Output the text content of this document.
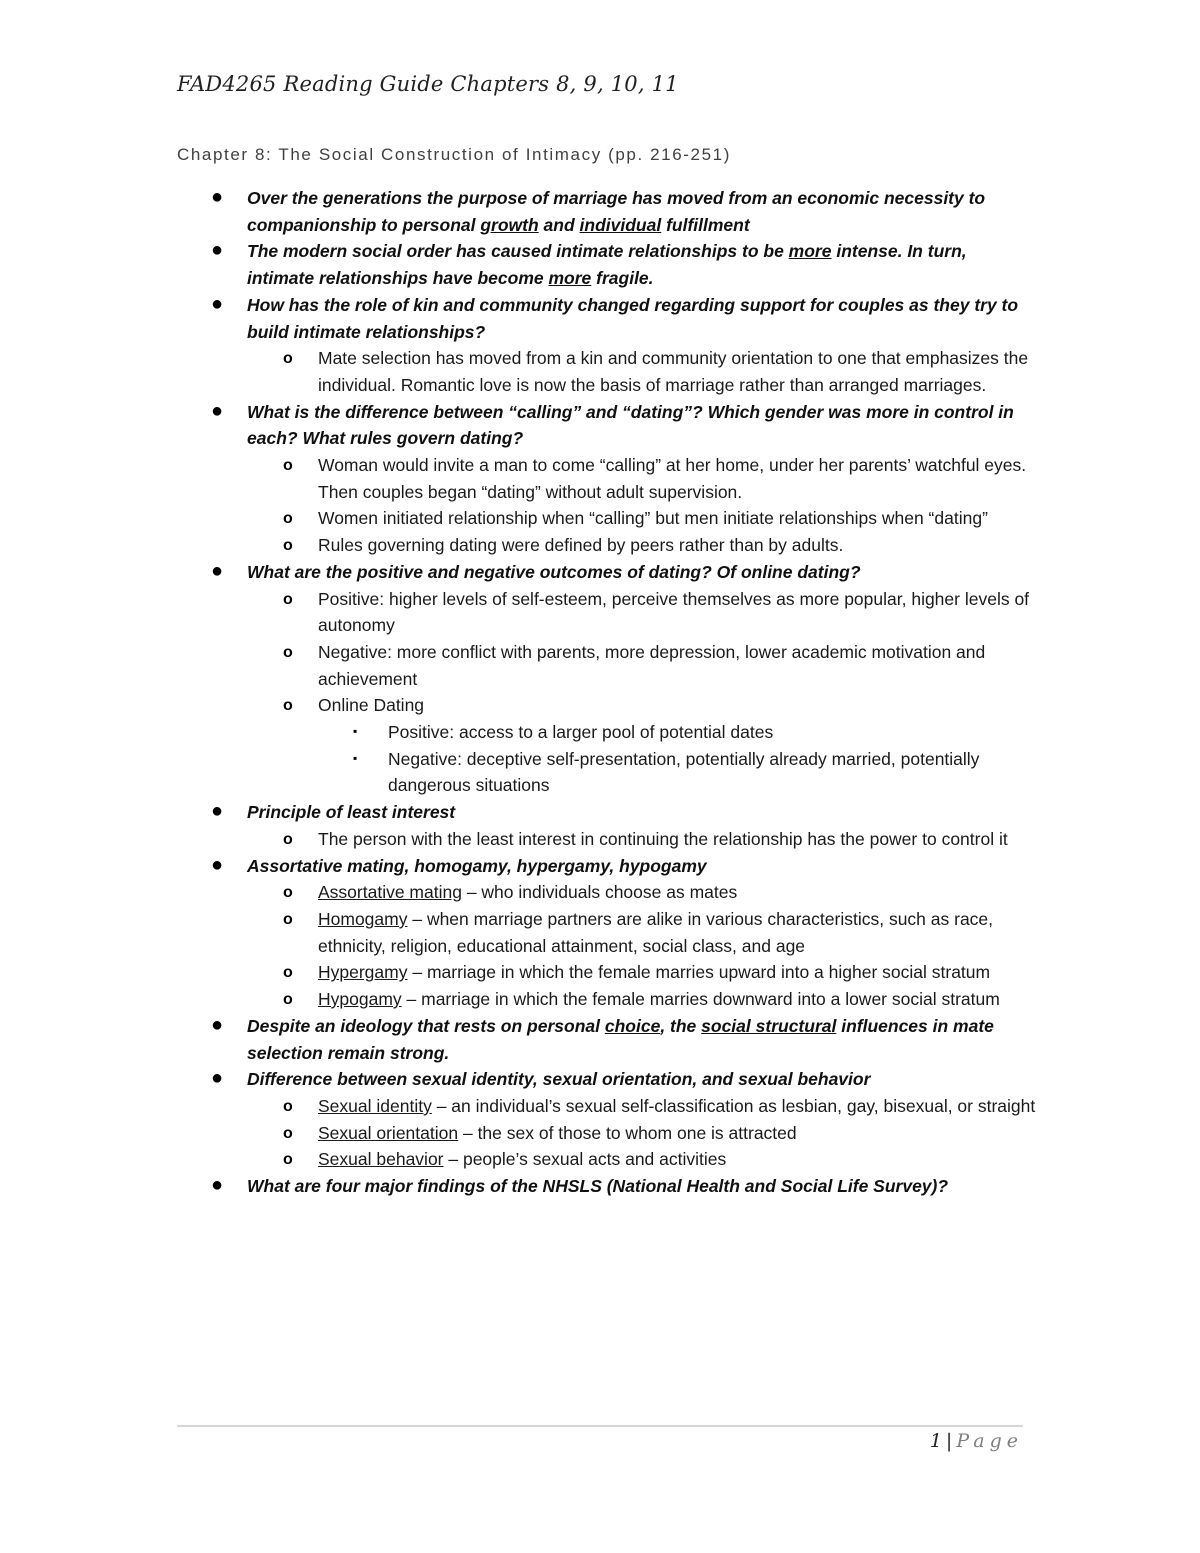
FAD4265 Reading Guide Chapters 8, 9, 10, 11
Chapter 8: The Social Construction of Intimacy (pp. 216-251)
● Over the generations the purpose of marriage has moved from an economic necessity to companionship to personal growth and individual fulfillment
● The modern social order has caused intimate relationships to be more intense. In turn, intimate relationships have become more fragile.
● How has the role of kin and community changed regarding support for couples as they try to build intimate relationships?
o Mate selection has moved from a kin and community orientation to one that emphasizes the individual. Romantic love is now the basis of marriage rather than arranged marriages.
● What is the difference between “calling” and “dating”? Which gender was more in control in each? What rules govern dating?
o Woman would invite a man to come “calling” at her home, under her parents’ watchful eyes. Then couples began “dating” without adult supervision.
o Women initiated relationship when “calling” but men initiate relationships when “dating”
o Rules governing dating were defined by peers rather than by adults.
● What are the positive and negative outcomes of dating? Of online dating?
o Positive: higher levels of self-esteem, perceive themselves as more popular, higher levels of autonomy
o Negative: more conflict with parents, more depression, lower academic motivation and achievement
o Online Dating
▪ Positive: access to a larger pool of potential dates
▪ Negative: deceptive self-presentation, potentially already married, potentially dangerous situations
● Principle of least interest
o The person with the least interest in continuing the relationship has the power to control it
● Assortative mating, homogamy, hypergamy, hypogamy
o Assortative mating – who individuals choose as mates
o Homogamy – when marriage partners are alike in various characteristics, such as race, ethnicity, religion, educational attainment, social class, and age
o Hypergamy – marriage in which the female marries upward into a higher social stratum
o Hypogamy – marriage in which the female marries downward into a lower social stratum
● Despite an ideology that rests on personal choice, the social structural influences in mate selection remain strong.
● Difference between sexual identity, sexual orientation, and sexual behavior
o Sexual identity – an individual’s sexual self-classification as lesbian, gay, bisexual, or straight
o Sexual orientation – the sex of those to whom one is attracted
o Sexual behavior – people’s sexual acts and activities
● What are four major findings of the NHSLS (National Health and Social Life Survey)?
1 | Page
